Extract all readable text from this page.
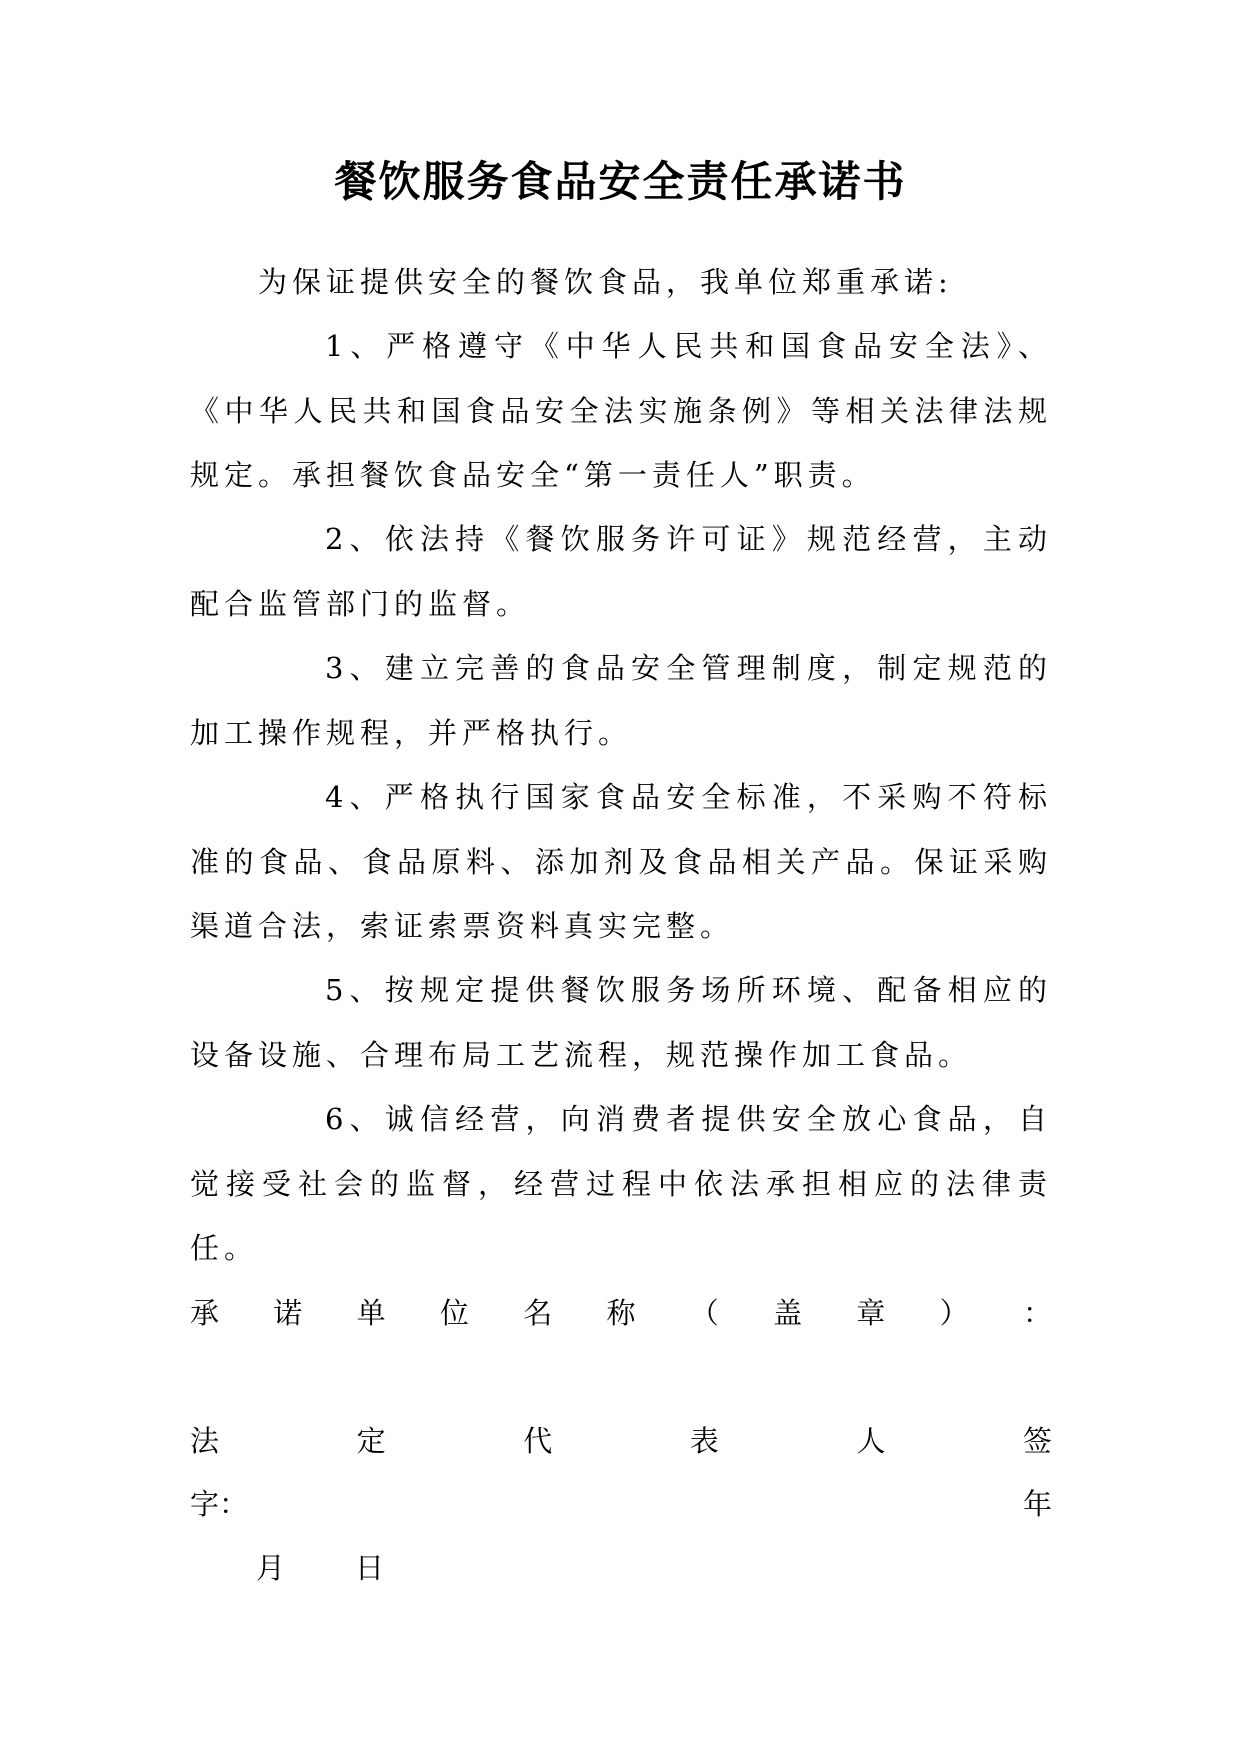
餐饮服务食品安全责任承诺书

为保证提供安全的餐饮食品，我单位郑重承诺:

1、严格遵守《中华人民共和国食品安全法》、《中华人民共和国食品安全法实施条例》等相关法律法规规定。承担餐饮食品安全“第一责任人”职责。

2、依法持《餐饮服务许可证》规范经营，主动配合监管部门的监督。

3、建立完善的食品安全管理制度，制定规范的加工操作规程，并严格执行。

4、严格执行国家食品安全标准，不采购不符标准的食品、食品原料、添加剂及食品相关产品。保证采购渠道合法，索证索票资料真实完整。

5、按规定提供餐饮服务场所环境、配备相应的设备设施、合理布局工艺流程，规范操作加工食品。

6、诚信经营，向消费者提供安全放心食品，自觉接受社会的监督，经营过程中依法承担相应的法律责任。

承 诺 单 位 名 称 （ 盖 章 ） ：
法	定	代	表	人	签
字：	年
月 日
